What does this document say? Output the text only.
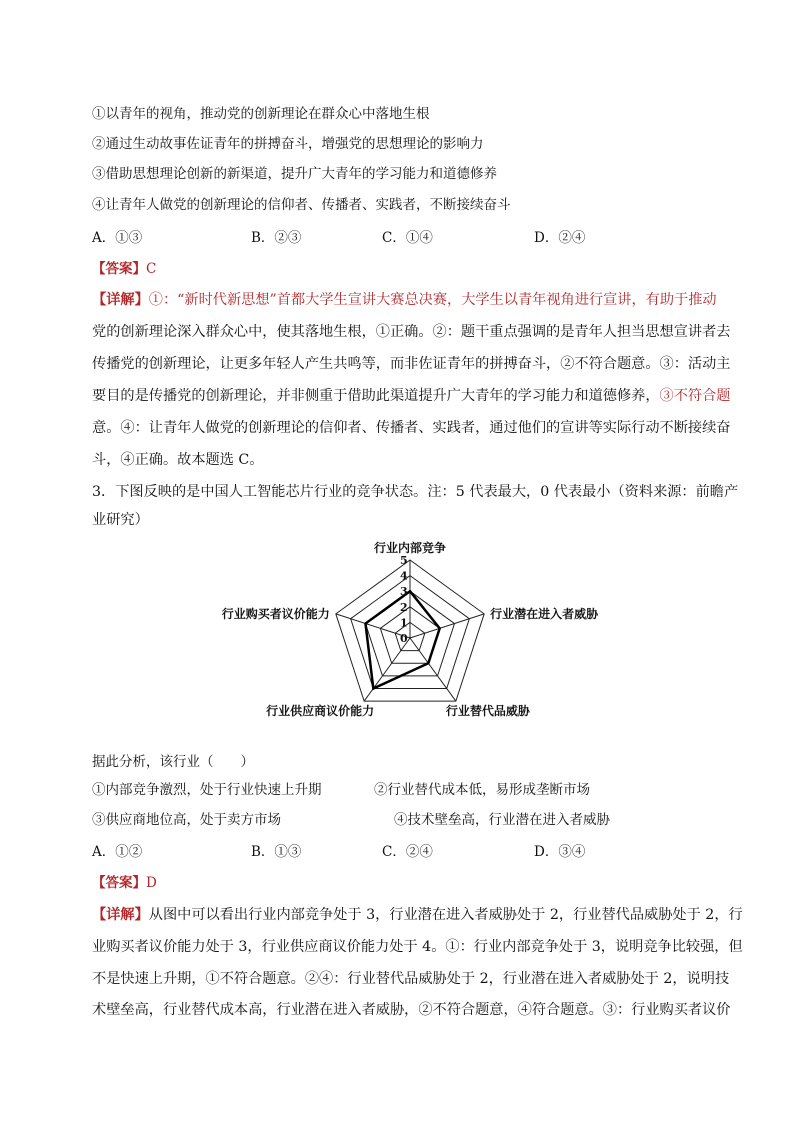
①以青年的视角，推动党的创新理论在群众心中落地生根
②通过生动故事佐证青年的拼搏奋斗，增强党的思想理论的影响力
③借助思想理论创新的新渠道，提升广大青年的学习能力和道德修养
④让青年人做党的创新理论的信仰者、传播者、实践者，不断接续奋斗
A．①③	B．②③	C．①④	D．②④
【答案】C
【详解】①：“新时代新思想”首都大学生宣讲大赛总决赛，大学生以青年视角进行宣讲，有助于推动
党的创新理论深入群众心中，使其落地生根，①正确。②：题干重点强调的是青年人担当思想宣讲者去
传播党的创新理论，让更多年轻人产生共鸣等，而非佐证青年的拼搏奋斗，②不符合题意。③：活动主
要目的是传播党的创新理论，并非侧重于借助此渠道提升广大青年的学习能力和道德修养，③不符合题
意。④：让青年人做党的创新理论的信仰者、传播者、实践者，通过他们的宣讲等实际行动不断接续奋
斗，④正确。故本题选 C。
3．下图反映的是中国人工智能芯片行业的竞争状态。注：5 代表最大，0 代表最小（资料来源：前瞻产
业研究）
0
1
2
3
4
5
行业内部竞争
行业潜在进入者威胁
行业替代品威胁
行业供应商议价能力
行业购买者议价能力
据此分析，该行业（　　）
①内部竞争激烈，处于行业快速上升期	②行业替代成本低，易形成垄断市场
③供应商地位高，处于卖方市场	④技术壁垒高，行业潜在进入者威胁
A．①②	B．①③	C．②④	D．③④
【答案】D
【详解】从图中可以看出行业内部竞争处于 3，行业潜在进入者威胁处于 2，行业替代品威胁处于 2，行
业购买者议价能力处于 3，行业供应商议价能力处于 4。①：行业内部竞争处于 3，说明竞争比较强，但
不是快速上升期，①不符合题意。②④：行业替代品威胁处于 2，行业潜在进入者威胁处于 2，说明技
术壁垒高，行业替代成本高，行业潜在进入者威胁，②不符合题意，④符合题意。③：行业购买者议价
